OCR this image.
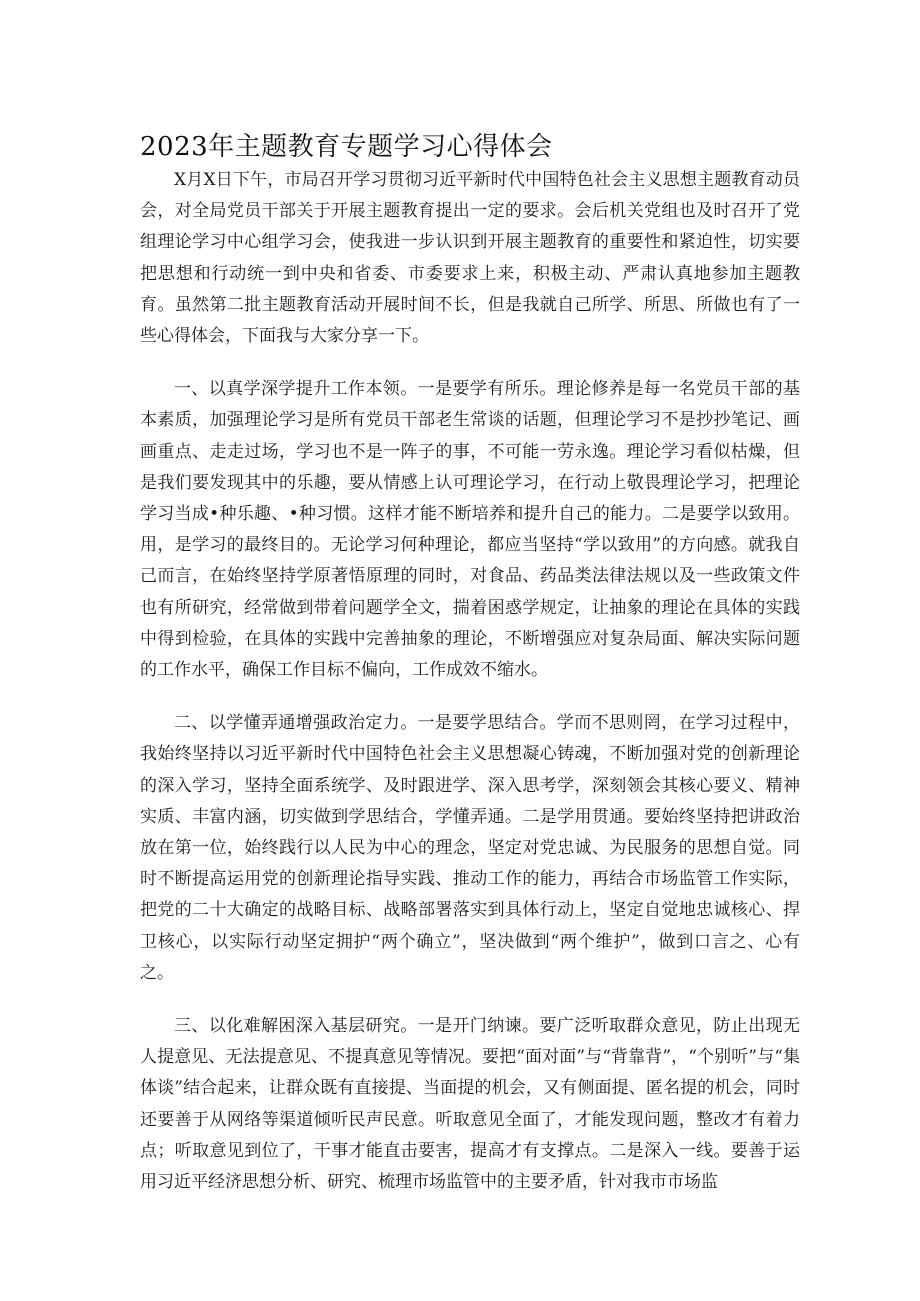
2023年主题教育专题学习心得体会

X月X日下午，市局召开学习贯彻习近平新时代中国特色社会主义思想主题教育动员会，对全局党员干部关于开展主题教育提出一定的要求。会后机关党组也及时召开了党组理论学习中心组学习会，使我进一步认识到开展主题教育的重要性和紧迫性，切实要把思想和行动统一到中央和省委、市委要求上来，积极主动、严肃认真地参加主题教育。虽然第二批主题教育活动开展时间不长，但是我就自己所学、所思、所做也有了一些心得体会，下面我与大家分享一下。

一、以真学深学提升工作本领。一是要学有所乐。理论修养是每一名党员干部的基本素质，加强理论学习是所有党员干部老生常谈的话题，但理论学习不是抄抄笔记、画画重点、走走过场，学习也不是一阵子的事，不可能一劳永逸。理论学习看似枯燥，但是我们要发现其中的乐趣，要从情感上认可理论学习，在行动上敬畏理论学习，把理论学习当成•种乐趣、•种习惯。这样才能不断培养和提升自己的能力。二是要学以致用。用，是学习的最终目的。无论学习何种理论，都应当坚持“学以致用”的方向感。就我自己而言，在始终坚持学原著悟原理的同时，对食品、药品类法律法规以及一些政策文件也有所研究，经常做到带着问题学全文，揣着困惑学规定，让抽象的理论在具体的实践中得到检验，在具体的实践中完善抽象的理论，不断增强应对复杂局面、解决实际问题的工作水平，确保工作目标不偏向，工作成效不缩水。

二、以学懂弄通增强政治定力。一是要学思结合。学而不思则罔，在学习过程中，我始终坚持以习近平新时代中国特色社会主义思想凝心铸魂，不断加强对党的创新理论的深入学习，坚持全面系统学、及时跟进学、深入思考学，深刻领会其核心要义、精神实质、丰富内涵，切实做到学思结合，学懂弄通。二是学用贯通。要始终坚持把讲政治放在第一位，始终践行以人民为中心的理念，坚定对党忠诚、为民服务的思想自觉。同时不断提高运用党的创新理论指导实践、推动工作的能力，再结合市场监管工作实际，把党的二十大确定的战略目标、战略部署落实到具体行动上，坚定自觉地忠诚核心、捍卫核心，以实际行动坚定拥护“两个确立”，坚决做到“两个维护”，做到口言之、心有之。

三、以化难解困深入基层研究。一是开门纳谏。要广泛听取群众意见，防止出现无人提意见、无法提意见、不提真意见等情况。要把“面对面”与“背靠背”，“个别听”与“集体谈”结合起来，让群众既有直接提、当面提的机会，又有侧面提、匿名提的机会，同时还要善于从网络等渠道倾听民声民意。听取意见全面了，才能发现问题，整改才有着力点；听取意见到位了，干事才能直击要害，提高才有支撑点。二是深入一线。要善于运用习近平经济思想分析、研究、梳理市场监管中的主要矛盾，针对我市市场监
